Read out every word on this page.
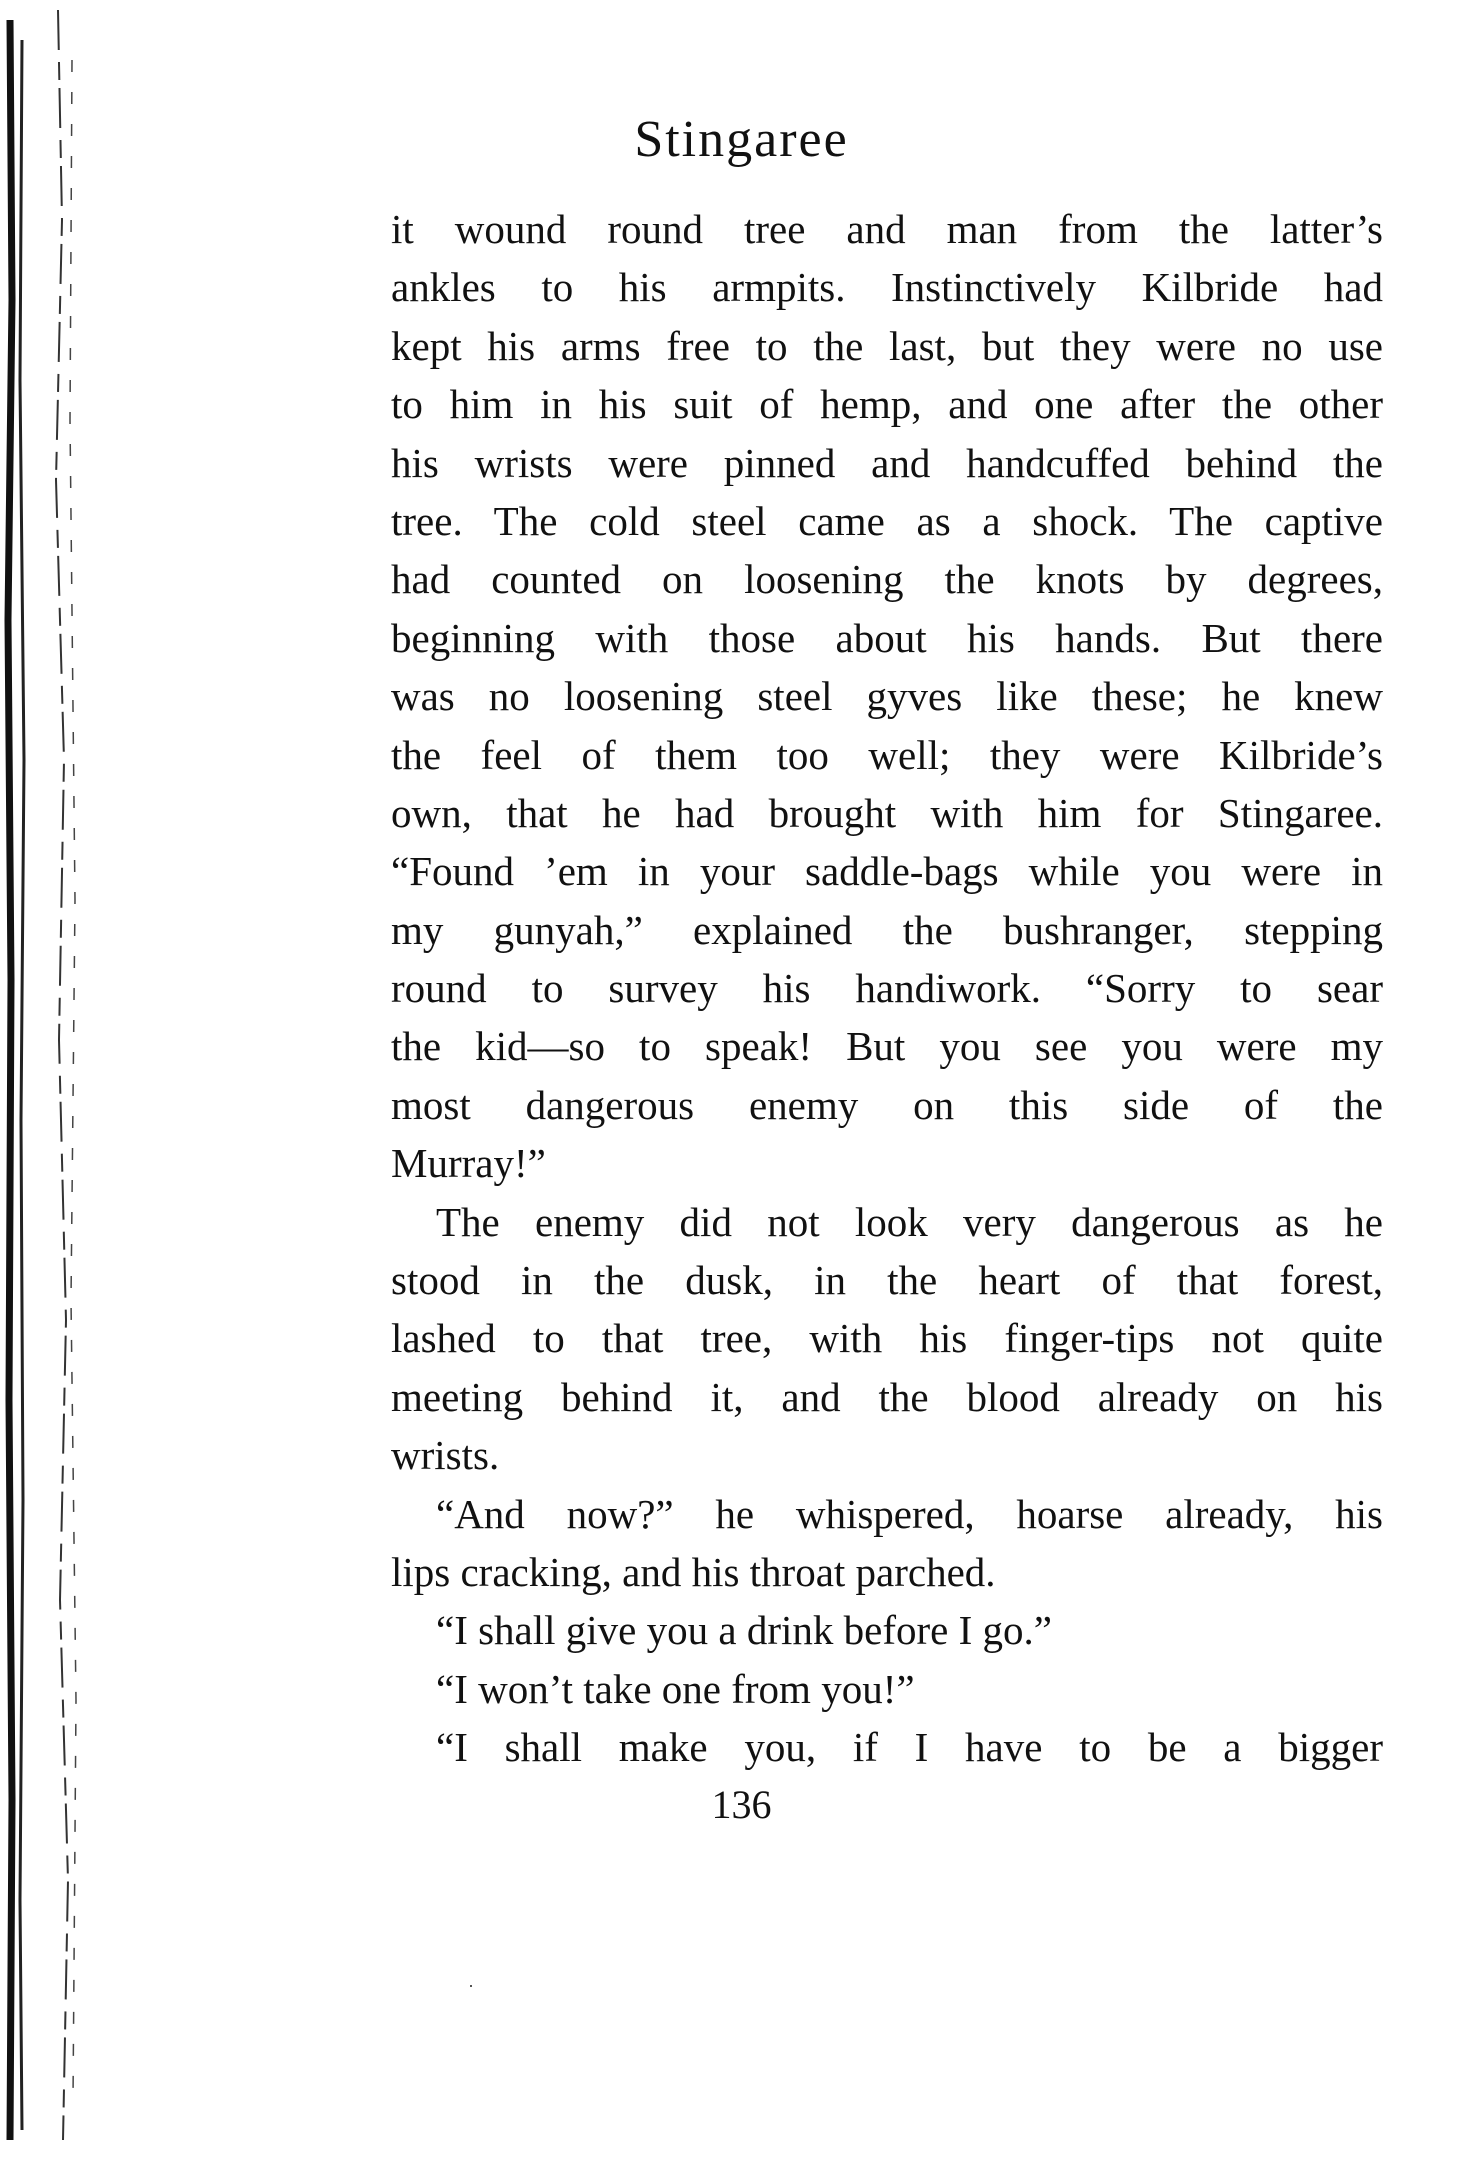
Stingaree
it wound round tree and man from the latter’s
ankles to his armpits. Instinctively Kilbride had
kept his arms free to the last, but they were no use
to him in his suit of hemp, and one after the other
his wrists were pinned and handcuffed behind the
tree. The cold steel came as a shock. The captive
had counted on loosening the knots by degrees,
beginning with those about his hands. But there
was no loosening steel gyves like these; he knew
the feel of them too well; they were Kilbride’s
own, that he had brought with him for Stingaree.
“Found ’em in your saddle-bags while you were in
my gunyah,” explained the bushranger, stepping
round to survey his handiwork. “Sorry to sear
the kid—so to speak! But you see you were my
most dangerous enemy on this side of the
Murray!”
The enemy did not look very dangerous as he
stood in the dusk, in the heart of that forest,
lashed to that tree, with his finger-tips not quite
meeting behind it, and the blood already on his
wrists.
“And now?” he whispered, hoarse already, his
lips cracking, and his throat parched.
“I shall give you a drink before I go.”
“I won’t take one from you!”
“I shall make you, if I have to be a bigger
136
